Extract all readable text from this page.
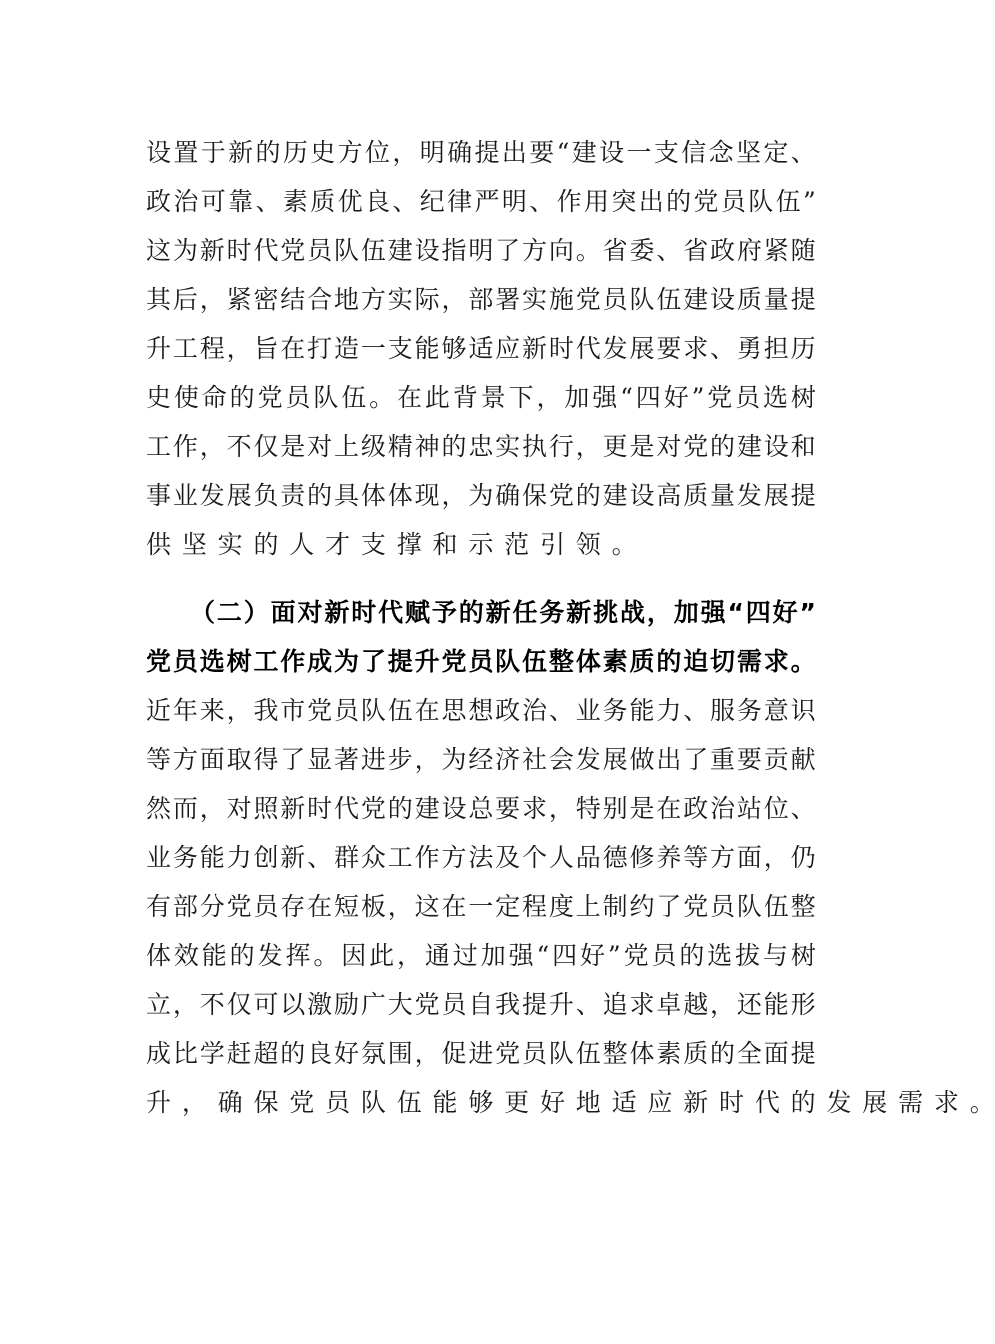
设 置 于 新 的 历 史 方 位 ， 明 确 提 出 要 “ 建 设 一 支 信 念 坚 定 、
政 治 可 靠 、 素 质 优 良 、 纪 律 严 明 、 作 用 突 出 的 党 员 队 伍 ”
这 为 新 时 代 党 员 队 伍 建 设 指 明 了 方 向 。 省 委 、 省 政 府 紧 随
其 后 ， 紧 密 结 合 地 方 实 际 ， 部 署 实 施 党 员 队 伍 建 设 质 量 提
升 工 程 ， 旨 在 打 造 一 支 能 够 适 应 新 时 代 发 展 要 求 、 勇 担 历
史 使 命 的 党 员 队 伍 。 在 此 背 景 下 ， 加 强 “ 四 好 ” 党 员 选 树
工 作 ， 不 仅 是 对 上 级 精 神 的 忠 实 执 行 ， 更 是 对 党 的 建 设 和
事 业 发 展 负 责 的 具 体 体 现 ， 为 确 保 党 的 建 设 高 质 量 发 展 提
供 坚 实 的 人 才 支 撑 和 示 范 引 领 。
（ 二 ） 面 对 新 时 代 赋 予 的 新 任 务 新 挑 战 ， 加 强 “ 四 好 ”
党 员 选 树 工 作 成 为 了 提 升 党 员 队 伍 整 体 素 质 的 迫 切 需 求 。
近 年 来 ， 我 市 党 员 队 伍 在 思 想 政 治 、 业 务 能 力 、 服 务 意 识
等 方 面 取 得 了 显 著 进 步 ， 为 经 济 社 会 发 展 做 出 了 重 要 贡 献
然 而 ， 对 照 新 时 代 党 的 建 设 总 要 求 ， 特 别 是 在 政 治 站 位 、
业 务 能 力 创 新 、 群 众 工 作 方 法 及 个 人 品 德 修 养 等 方 面 ， 仍
有 部 分 党 员 存 在 短 板 ， 这 在 一 定 程 度 上 制 约 了 党 员 队 伍 整
体 效 能 的 发 挥 。 因 此 ， 通 过 加 强 “ 四 好 ” 党 员 的 选 拔 与 树
立 ， 不 仅 可 以 激 励 广 大 党 员 自 我 提 升 、 追 求 卓 越 ， 还 能 形
成 比 学 赶 超 的 良 好 氛 围 ， 促 进 党 员 队 伍 整 体 素 质 的 全 面 提
升 ， 确 保 党 员 队 伍 能 够 更 好 地 适 应 新 时 代 的 发 展 需 求 。
